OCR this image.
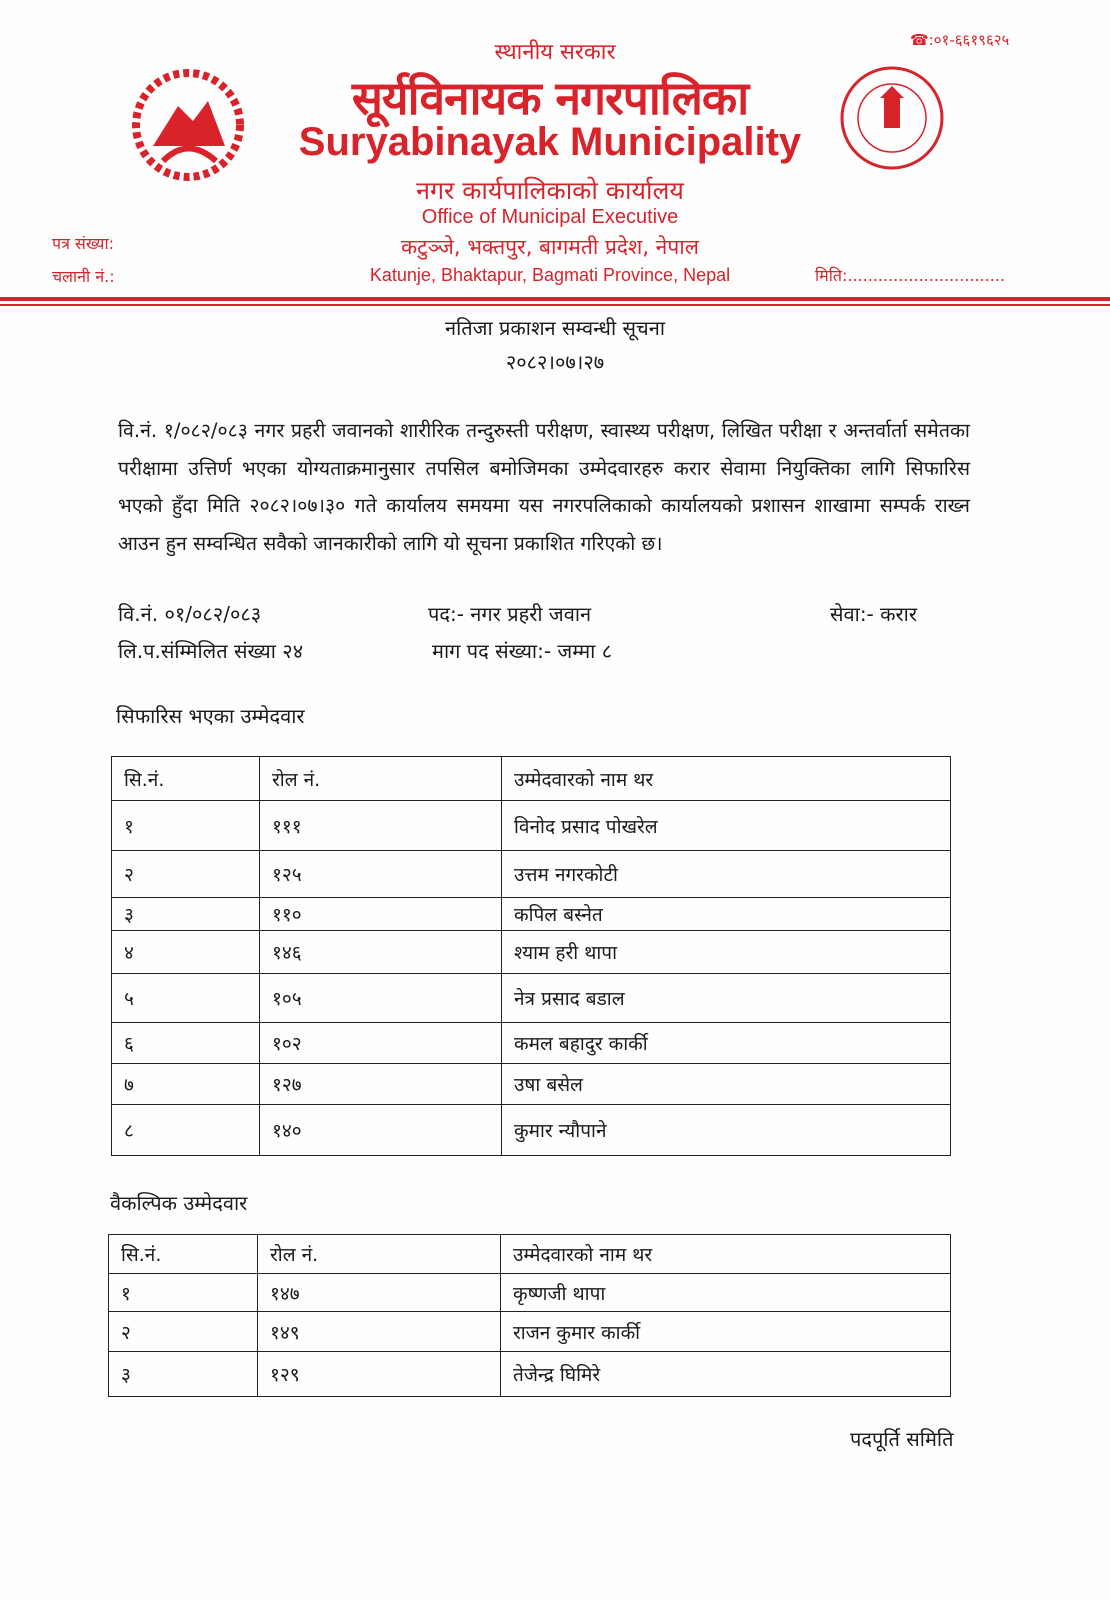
☎:०१-६६१९६२५
स्थानीय सरकार
सूर्यविनायक नगरपालिका
Suryabinayak Municipality
नगर कार्यपालिकाको कार्यालय
Office of Municipal Executive
कटुञ्जे, भक्तपुर, बागमती प्रदेश, नेपाल
Katunje, Bhaktapur, Bagmati Province, Nepal
पत्र संख्या:
चलानी नं.:	मिति:...............................
नतिजा प्रकाशन सम्वन्धी सूचना
२०८२।०७।२७
वि.नं. १/०८२/०८३ नगर प्रहरी जवानको शारीरिक तन्दुरुस्ती परीक्षण, स्वास्थ्य परीक्षण, लिखित परीक्षा र अन्तर्वार्ता समेतका परीक्षामा उत्तिर्ण भएका योग्यताक्रमानुसार तपसिल बमोजिमका उम्मेदवारहरु करार सेवामा नियुक्तिका लागि सिफारिस भएको हुँदा मिति २०८२।०७।३० गते कार्यालय समयमा यस नगरपलिकाको कार्यालयको प्रशासन शाखामा सम्पर्क राख्न आउन हुन सम्वन्धित सवैको जानकारीको लागि यो सूचना प्रकाशित गरिएको छ।
वि.नं. ०१/०८२/०८३	पद:- नगर प्रहरी जवान	सेवा:- करार
लि.प.संम्मिलित संख्या २४	माग पद संख्या:- जम्मा ८
सिफारिस भएका उम्मेदवार
सि.नं.	रोल नं.	उम्मेदवारको नाम थर
१	१११	विनोद प्रसाद पोखरेल
२	१२५	उत्तम नगरकोटी
३	११०	कपिल बस्नेत
४	१४६	श्याम हरी थापा
५	१०५	नेत्र प्रसाद बडाल
६	१०२	कमल बहादुर कार्की
७	१२७	उषा बसेल
८	१४०	कुमार न्यौपाने
वैकल्पिक उम्मेदवार
सि.नं.	रोल नं.	उम्मेदवारको नाम थर
१	१४७	कृष्णजी थापा
२	१४९	राजन कुमार कार्की
३	१२९	तेजेन्द्र घिमिरे
पदपूर्ति समिति
